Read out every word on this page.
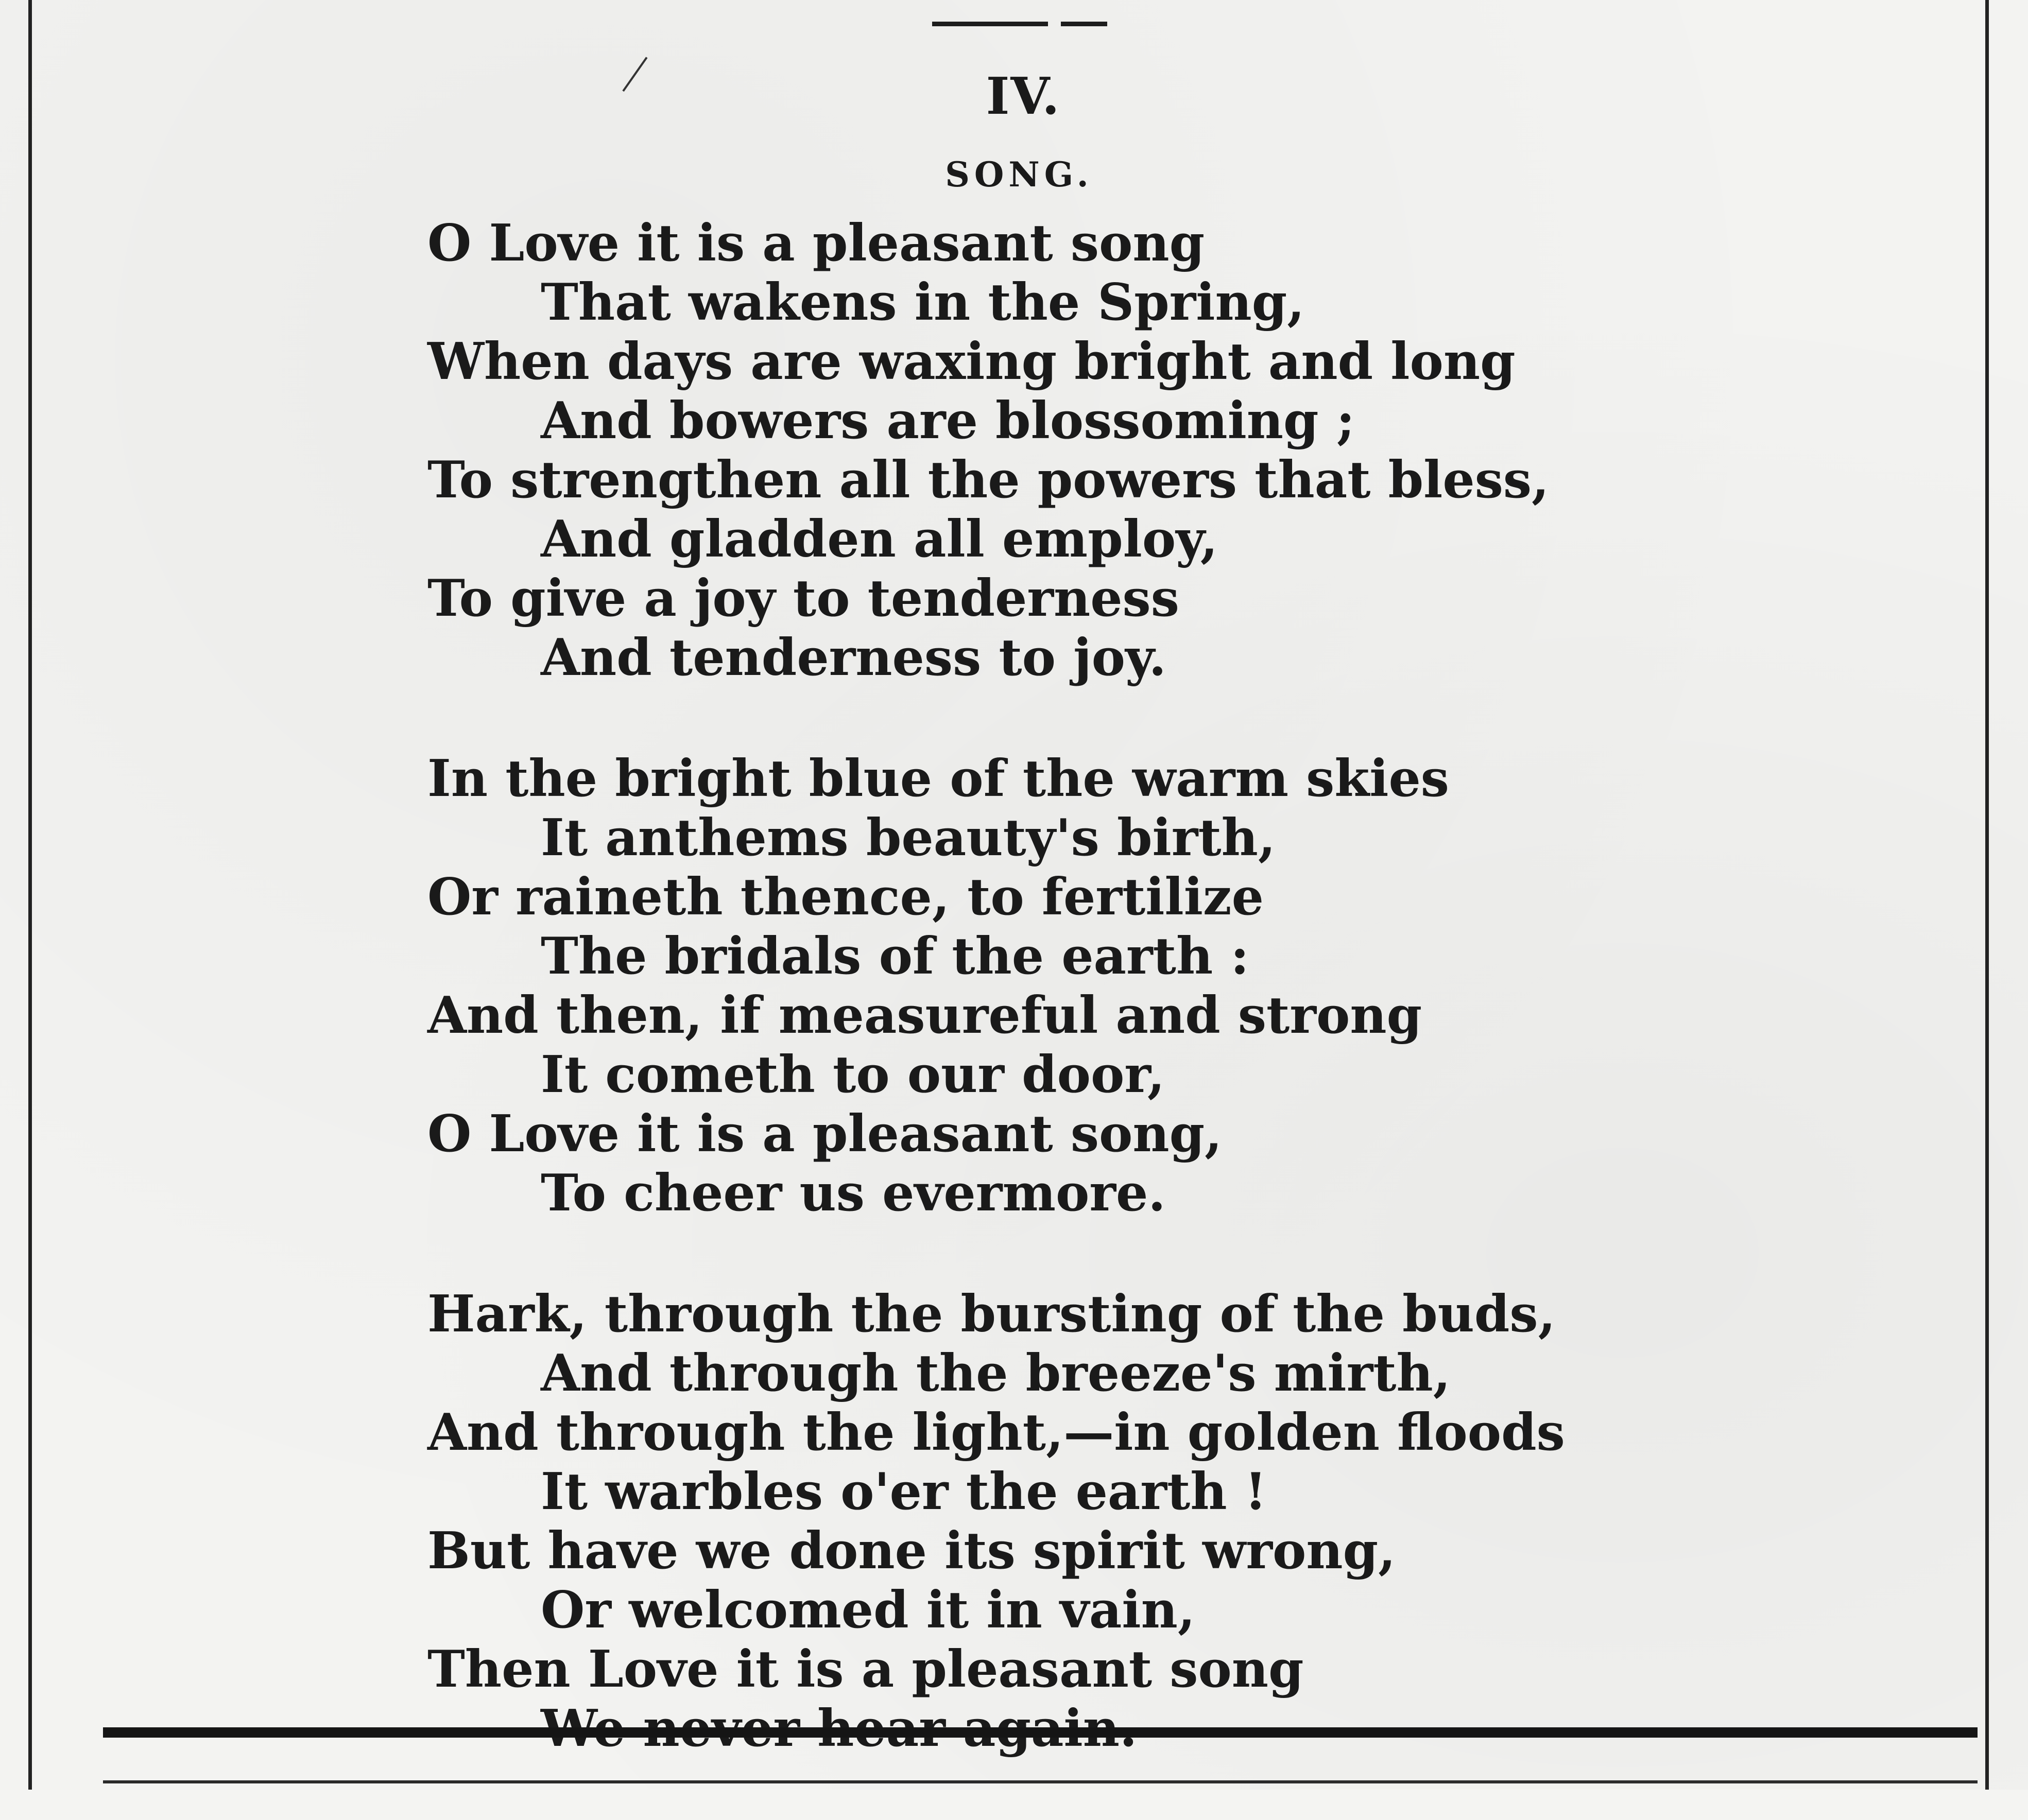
IV.
SONG.
O Love it is a pleasant song
That wakens in the Spring,
When days are waxing bright and long
And bowers are blossoming ;
To strengthen all the powers that bless,
And gladden all employ,
To give a joy to tenderness
And tenderness to joy.
In the bright blue of the warm skies
It anthems beauty's birth,
Or raineth thence, to fertilize
The bridals of the earth :
And then, if measureful and strong
It cometh to our door,
O Love it is a pleasant song,
To cheer us evermore.
Hark, through the bursting of the buds,
And through the breeze's mirth,
And through the light,—in golden floods
It warbles o'er the earth !
But have we done its spirit wrong,
Or welcomed it in vain,
Then Love it is a pleasant song
